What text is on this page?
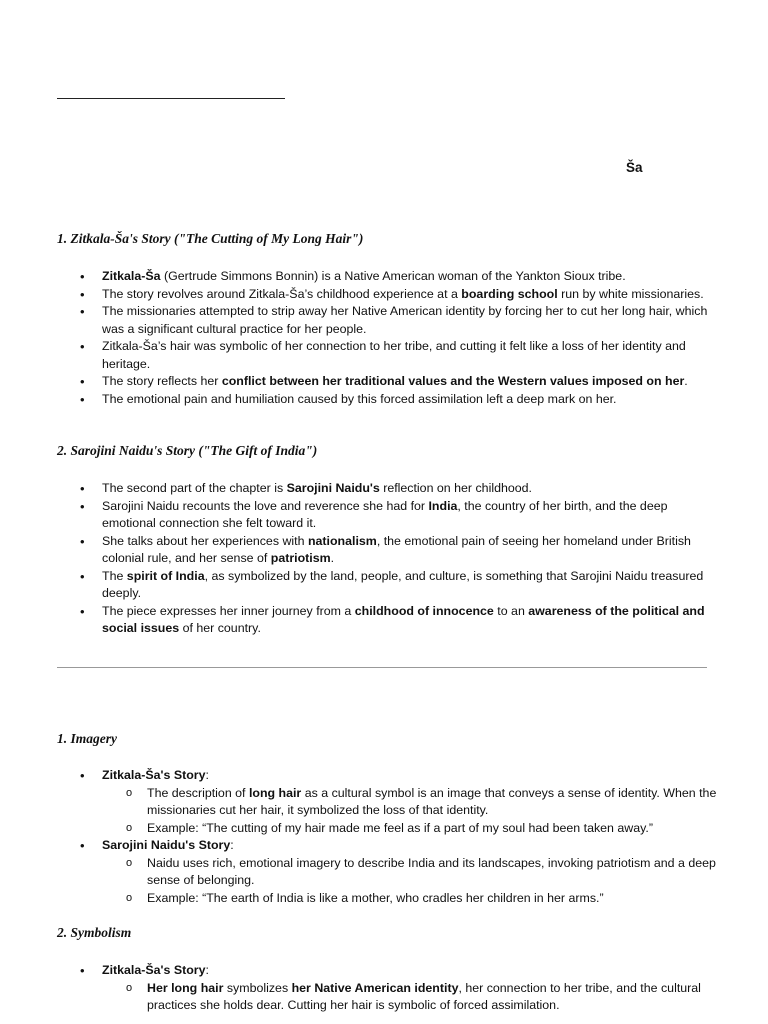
Ša
1. Zitkala-Ša's Story ("The Cutting of My Long Hair")
• Zitkala-Ša (Gertrude Simmons Bonnin) is a Native American woman of the Yankton Sioux tribe.
• The story revolves around Zitkala-Ša’s childhood experience at a boarding school run by white missionaries.
• The missionaries attempted to strip away her Native American identity by forcing her to cut her long hair, which was a significant cultural practice for her people.
• Zitkala-Ša’s hair was symbolic of her connection to her tribe, and cutting it felt like a loss of her identity and heritage.
• The story reflects her conflict between her traditional values and the Western values imposed on her.
• The emotional pain and humiliation caused by this forced assimilation left a deep mark on her.
2. Sarojini Naidu's Story ("The Gift of India")
• The second part of the chapter is Sarojini Naidu's reflection on her childhood.
• Sarojini Naidu recounts the love and reverence she had for India, the country of her birth, and the deep emotional connection she felt toward it.
• She talks about her experiences with nationalism, the emotional pain of seeing her homeland under British colonial rule, and her sense of patriotism.
• The spirit of India, as symbolized by the land, people, and culture, is something that Sarojini Naidu treasured deeply.
• The piece expresses her inner journey from a childhood of innocence to an awareness of the political and social issues of her country.
1. Imagery
• Zitkala-Ša's Story:
o The description of long hair as a cultural symbol is an image that conveys a sense of identity. When the missionaries cut her hair, it symbolized the loss of that identity.
o Example: “The cutting of my hair made me feel as if a part of my soul had been taken away.”
• Sarojini Naidu's Story:
o Naidu uses rich, emotional imagery to describe India and its landscapes, invoking patriotism and a deep sense of belonging.
o Example: “The earth of India is like a mother, who cradles her children in her arms.”
2. Symbolism
• Zitkala-Ša's Story:
o Her long hair symbolizes her Native American identity, her connection to her tribe, and the cultural practices she holds dear. Cutting her hair is symbolic of forced assimilation.
